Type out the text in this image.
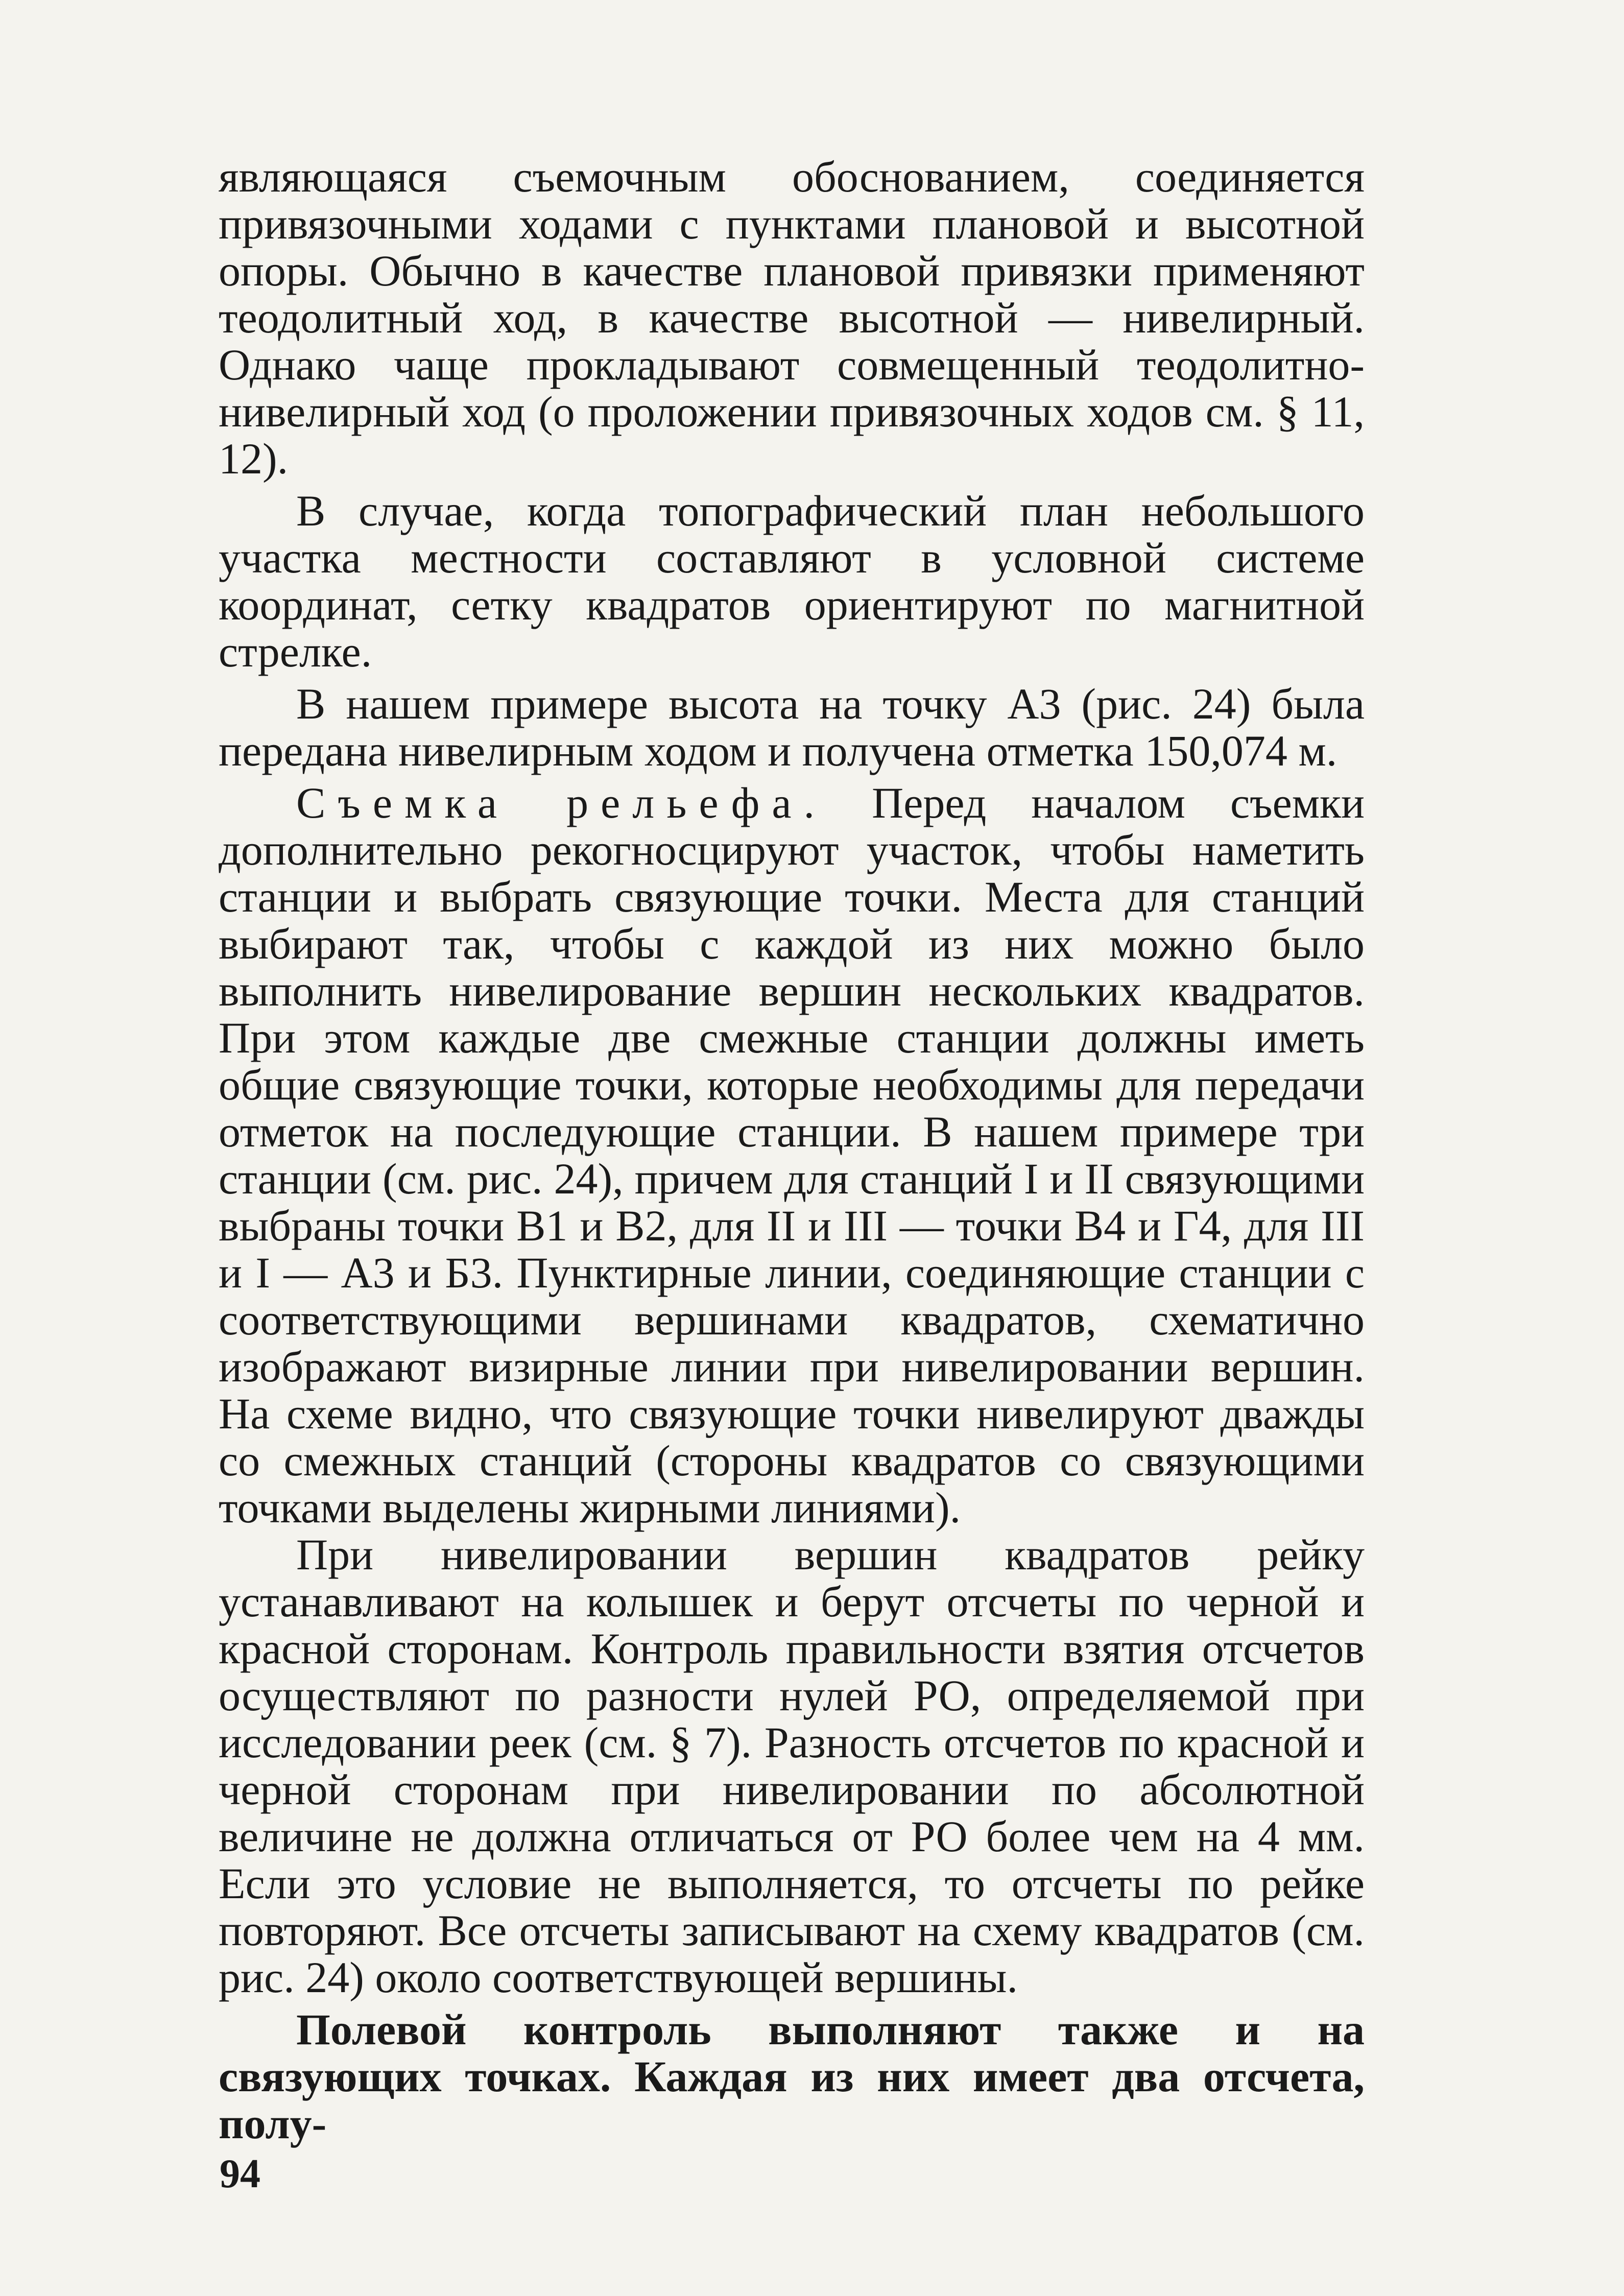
являющаяся съемочным обоснованием, соединяется привязочными ходами с пунктами плановой и высотной опоры. Обычно в качестве плановой привязки применяют теодолитный ход, в качестве высотной — нивелирный. Однако чаще прокладывают совмещенный теодолитно-нивелирный ход (о проложении привязочных ходов см. § 11, 12).

В случае, когда топографический план небольшого участка местности составляют в условной системе координат, сетку квадратов ориентируют по магнитной стрелке.

В нашем примере высота на точку А3 (рис. 24) была передана нивелирным ходом и получена отметка 150,074 м.

Съемка рельефа. Перед началом съемки дополнительно рекогносцируют участок, чтобы наметить станции и выбрать связующие точки. Места для станций выбирают так, чтобы с каждой из них можно было выполнить нивелирование вершин нескольких квадратов. При этом каждые две смежные станции должны иметь общие связующие точки, которые необходимы для передачи отметок на последующие станции. В нашем примере три станции (см. рис. 24), причем для станций I и II связующими выбраны точки В1 и В2, для II и III — точки В4 и Г4, для III и I — А3 и Б3. Пунктирные линии, соединяющие станции с соответствующими вершинами квадратов, схематично изображают визирные линии при нивелировании вершин. На схеме видно, что связующие точки нивелируют дважды со смежных станций (стороны квадратов со связующими точками выделены жирными линиями).

При нивелировании вершин квадратов рейку устанавливают на колышек и берут отсчеты по черной и красной сторонам. Контроль правильности взятия отсчетов осуществляют по разности нулей РО, определяемой при исследовании реек (см. § 7). Разность отсчетов по красной и черной сторонам при нивелировании по абсолютной величине не должна отличаться от РО более чем на 4 мм. Если это условие не выполняется, то отсчеты по рейке повторяют. Все отсчеты записывают на схему квадратов (см. рис. 24) около соответствующей вершины.

Полевой контроль выполняют также и на связующих точках. Каждая из них имеет два отсчета, полу-

94
